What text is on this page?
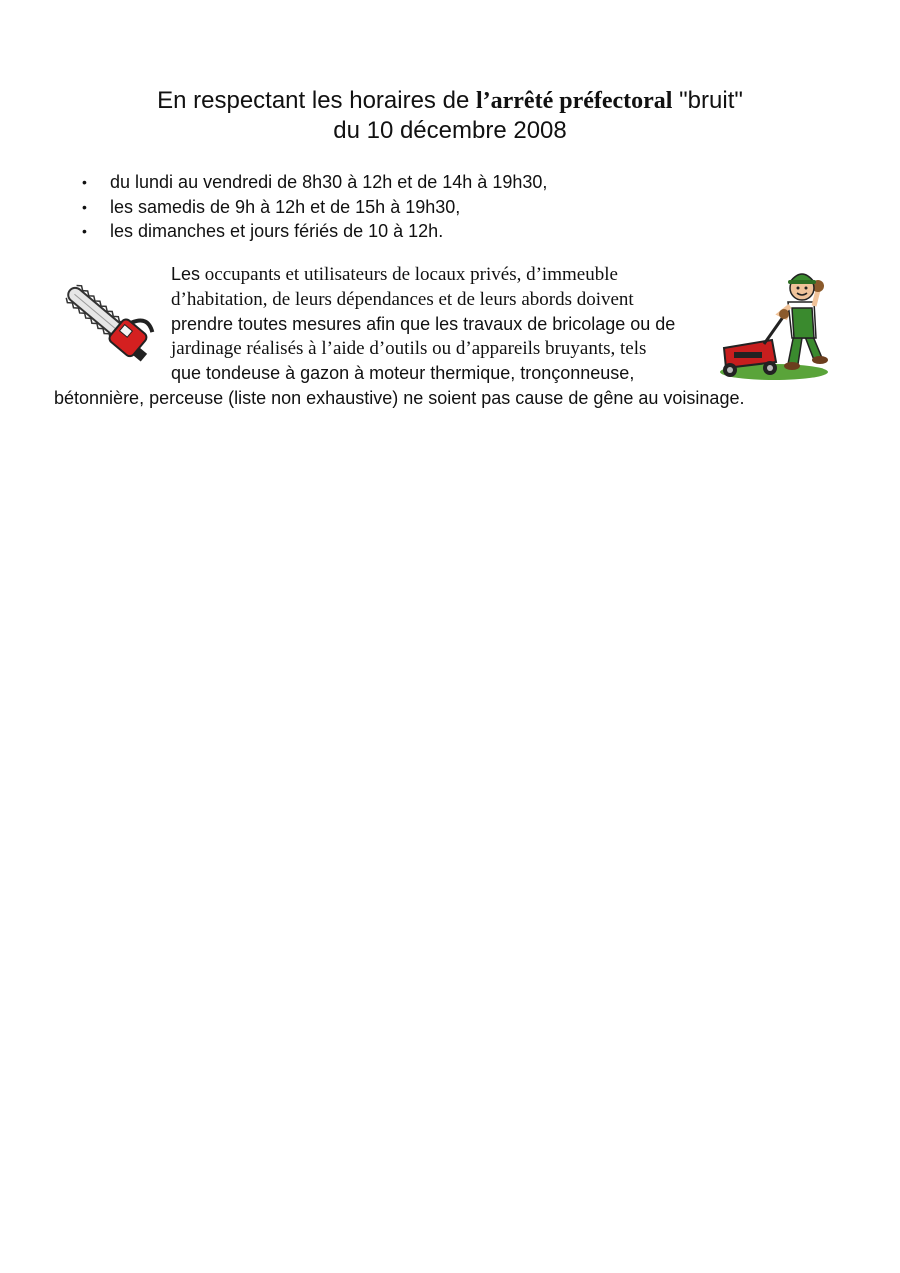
En respectant les horaires de l’arrêté préfectoral "bruit"
du 10 décembre 2008
• du lundi au vendredi de 8h30 à 12h et de 14h à 19h30,
• les samedis de 9h à 12h et de 15h à 19h30,
• les dimanches et jours fériés de 10 à 12h.
Les occupants et utilisateurs de locaux privés, d’immeuble
d’habitation, de leurs dépendances et de leurs abords doivent
prendre toutes mesures afin que les travaux de bricolage ou de
jardinage réalisés à l’aide d’outils ou d’appareils bruyants, tels
que tondeuse à gazon à moteur thermique, tronçonneuse,
bétonnière, perceuse (liste non exhaustive) ne soient pas cause de gêne au voisinage.
